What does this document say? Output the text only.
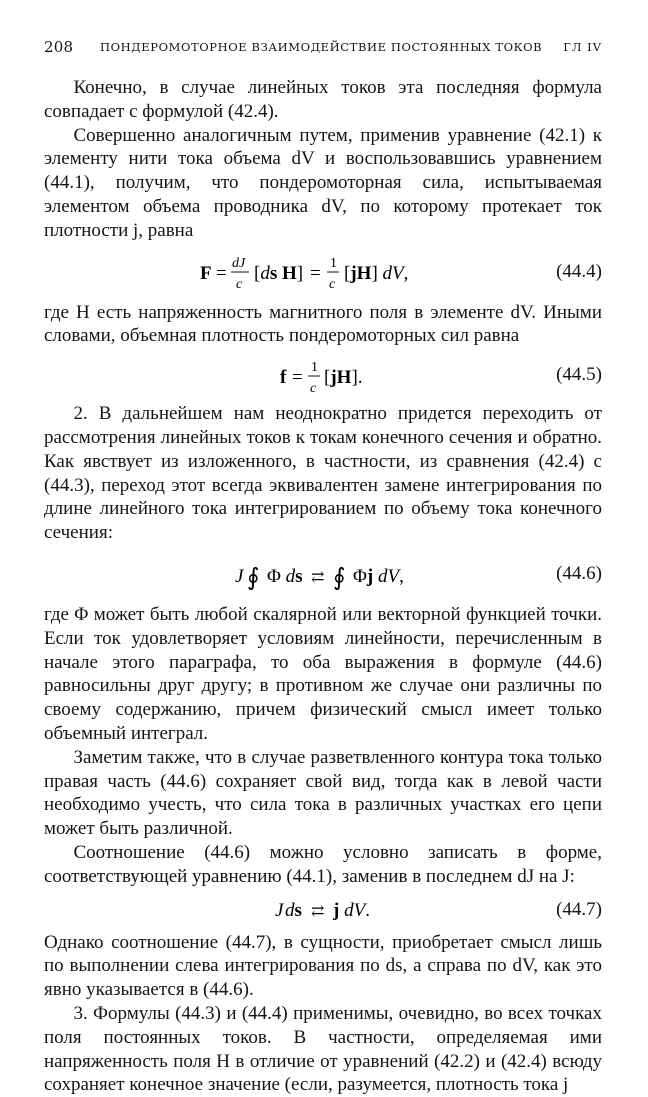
208 ПОНДЕРОМОТОРНОЕ ВЗАИМОДЕЙСТВИЕ ПОСТОЯННЫХ ТОКОВ ГЛ IV

Конечно, в случае линейных токов эта последняя формула совпадает с формулой (42.4).

Совершенно аналогичным путем, применив уравнение (42.1) к элементу нити тока объема dV и воспользовавшись уравнением (44.1), получим, что пондеромоторная сила, испытываемая элементом объема проводника dV, по которому протекает ток плотности j, равна

F = dJ
c
[ds H] = 1
c
[jH] dV,	(44.4)

где H есть напряженность магнитного поля в элементе dV. Иными словами, объемная плотность пондеромоторных сил равна

f = 1
c
[jH].	(44.5)

2. В дальнейшем нам неоднократно придется переходить от рассмотрения линейных токов к токам конечного сечения и обратно. Как явствует из изложенного, в частности, из сравнения (42.4) с (44.3), переход этот всегда эквивалентен замене интегрирования по длине линейного тока интегрированием по объему тока конечного сечения:

J ∮ Φ ds ⇄ ∮ Φj dV,	(44.6)

где Φ может быть любой скалярной или векторной функцией точки. Если ток удовлетворяет условиям линейности, перечисленным в начале этого параграфа, то оба выражения в формуле (44.6) равносильны друг другу; в противном же случае они различны по своему содержанию, причем физический смысл имеет только объемный интеграл.

Заметим также, что в случае разветвленного контура тока только правая часть (44.6) сохраняет свой вид, тогда как в левой части необходимо учесть, что сила тока в различных участках его цепи может быть различной.

Соотношение (44.6) можно условно записать в форме, соответствующей уравнению (44.1), заменив в последнем dJ на J:

J ds ⇄ j dV.	(44.7)

Однако соотношение (44.7), в сущности, приобретает смысл лишь по выполнении слева интегрирования по ds, а справа по dV, как это явно указывается в (44.6).

3. Формулы (44.3) и (44.4) применимы, очевидно, во всех точках поля постоянных токов. В частности, определяемая ими напряженность поля H в отличие от уравнений (42.2) и (42.4) всюду сохраняет конечное значение (если, разумеется, плотность тока j
